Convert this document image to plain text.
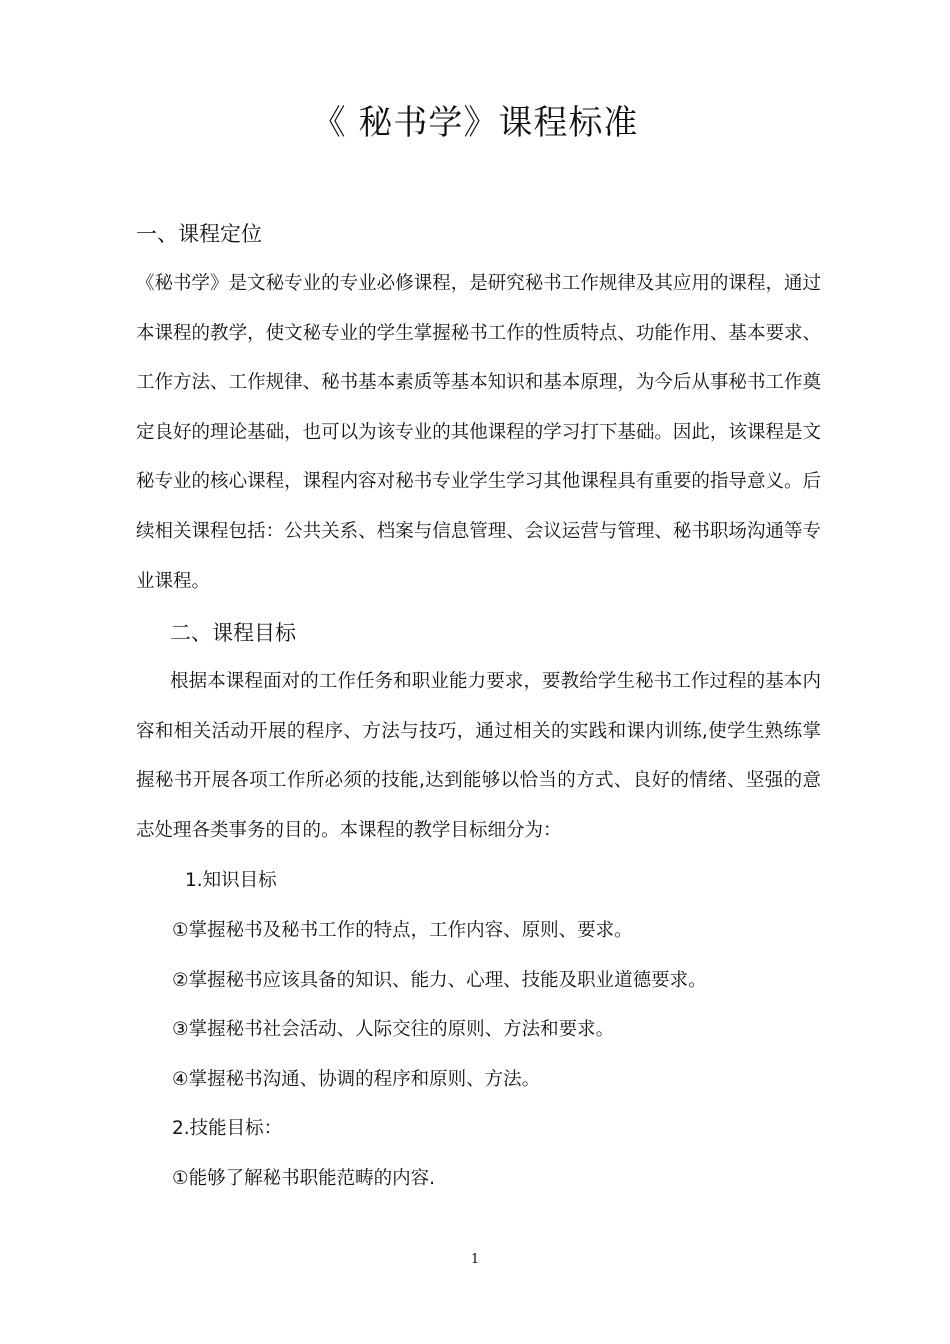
《 秘书学》课程标准
一、课程定位

《秘书学》是文秘专业的专业必修课程，是研究秘书工作规律及其应用的课程，通过本课程的教学，使文秘专业的学生掌握秘书工作的性质特点、功能作用、基本要求、工作方法、工作规律、秘书基本素质等基本知识和基本原理，为今后从事秘书工作奠定良好的理论基础，也可以为该专业的其他课程的学习打下基础。因此，该课程是文秘专业的核心课程，课程内容对秘书专业学生学习其他课程具有重要的指导意义。后续相关课程包括：公共关系、档案与信息管理、会议运营与管理、秘书职场沟通等专业课程。

二、课程目标

根据本课程面对的工作任务和职业能力要求，要教给学生秘书工作过程的基本内容和相关活动开展的程序、方法与技巧，通过相关的实践和课内训练,使学生熟练掌握秘书开展各项工作所必须的技能,达到能够以恰当的方式、良好的情绪、坚强的意志处理各类事务的目的。本课程的教学目标细分为：

1.知识目标
①掌握秘书及秘书工作的特点，工作内容、原则、要求。
②掌握秘书应该具备的知识、能力、心理、技能及职业道德要求。
③掌握秘书社会活动、人际交往的原则、方法和要求。
④掌握秘书沟通、协调的程序和原则、方法。
2.技能目标：
①能够了解秘书职能范畴的内容.
1
